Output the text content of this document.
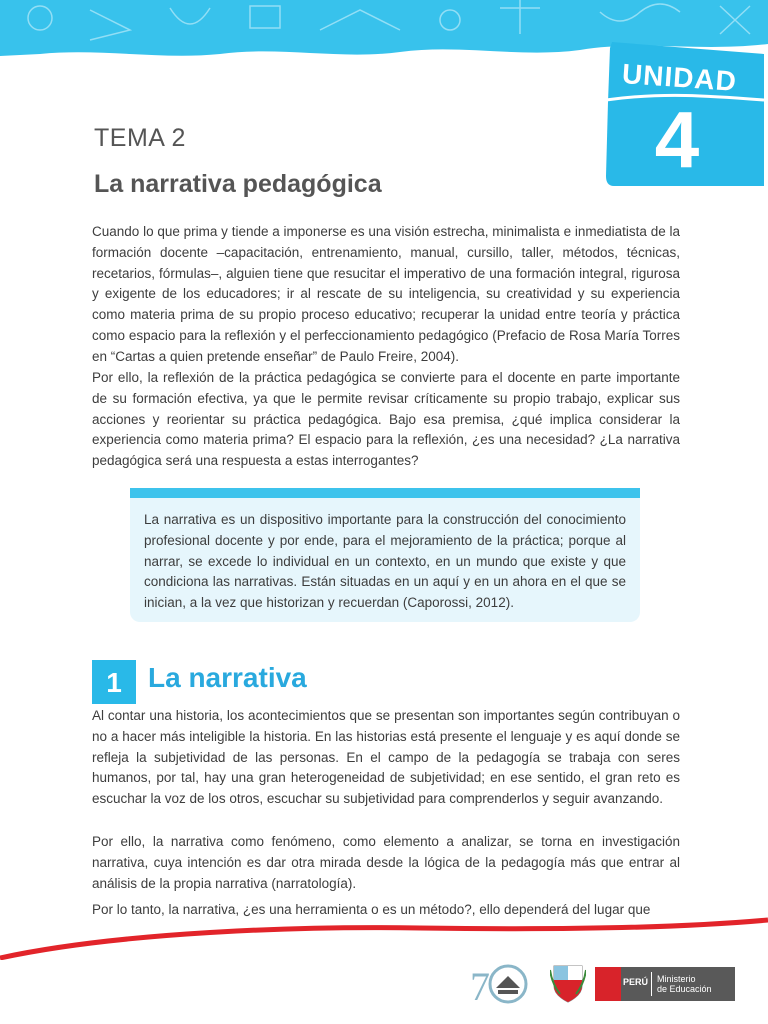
UNIDAD
4
TEMA 2
La narrativa pedagógica

Cuando lo que prima y tiende a imponerse es una visión estrecha, minimalista e inmediatista de la formación docente –capacitación, entrenamiento, manual, cursillo, taller, métodos, técnicas, recetarios, fórmulas–, alguien tiene que resucitar el imperativo de una formación integral, rigurosa y exigente de los educadores; ir al rescate de su inteligencia, su creatividad y su experiencia como materia prima de su propio proceso educativo; recuperar la unidad entre teoría y práctica como espacio para la reflexión y el perfeccionamiento pedagógico (Prefacio de Rosa María Torres en “Cartas a quien pretende enseñar” de Paulo Freire, 2004).

Por ello, la reflexión de la práctica pedagógica se convierte para el docente en parte importante de su formación efectiva, ya que le permite revisar críticamente su propio trabajo, explicar sus acciones y reorientar su práctica pedagógica. Bajo esa premisa, ¿qué implica considerar la experiencia como materia prima? El espacio para la reflexión, ¿es una necesidad? ¿La narrativa pedagógica será una respuesta a estas interrogantes?

La narrativa es un dispositivo importante para la construcción del conocimiento profesional docente y por ende, para el mejoramiento de la práctica; porque al narrar, se excede lo individual en un contexto, en un mundo que existe y que condiciona las narrativas. Están situadas en un aquí y en un ahora en el que se inician, a la vez que historizan y recuerdan (Caporossi, 2012).

1 La narrativa

Al contar una historia, los acontecimientos que se presentan son importantes según contribuyan o no a hacer más inteligible la historia. En las historias está presente el lenguaje y es aquí donde se refleja la subjetividad de las personas. En el campo de la pedagogía se trabaja con seres humanos, por tal, hay una gran heterogeneidad de subjetividad; en ese sentido, el gran reto es escuchar la voz de los otros, escuchar su subjetividad para comprenderlos y seguir avanzando.

Por ello, la narrativa como fenómeno, como elemento a analizar, se torna en investigación narrativa, cuya intención es dar otra mirada desde la lógica de la pedagogía más que entrar al análisis de la propia narrativa (narratología).

Por lo tanto, la narrativa, ¿es una herramienta o es un método?, ello dependerá del lugar que

7	PERÚ Ministerio
de Educación
